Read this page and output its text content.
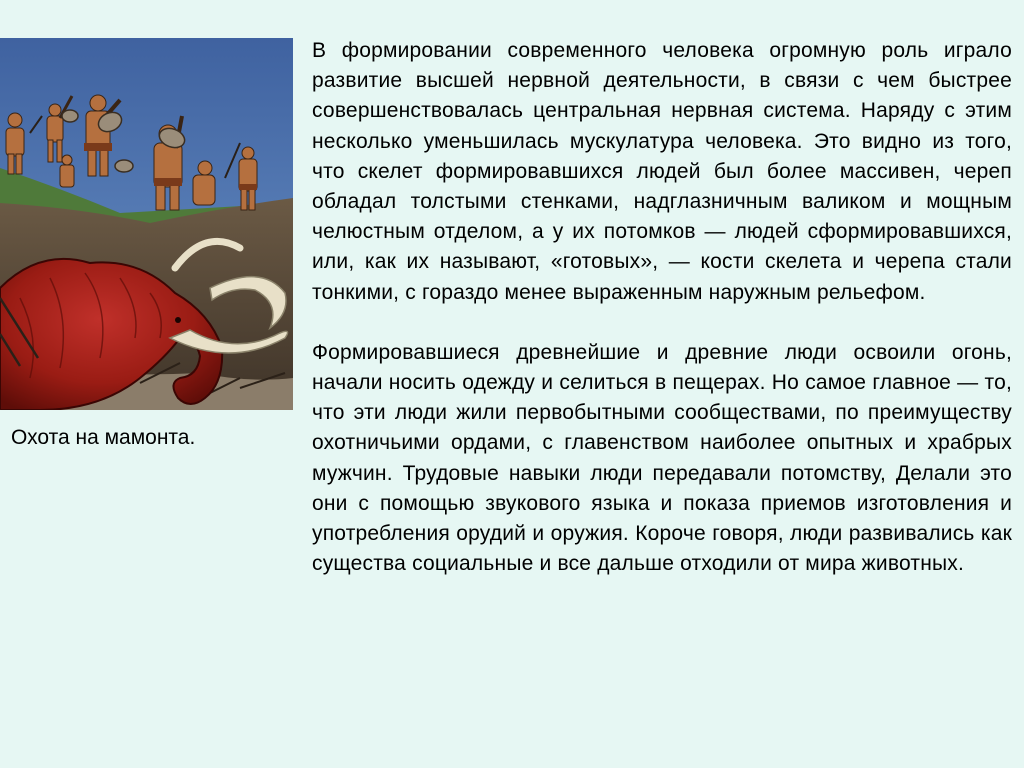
Охота на мамонта.

В формировании современного человека огромную роль играло развитие высшей нервной деятельности, в связи с чем быстрее совершенствовалась центральная нервная система. Наряду с этим несколько уменьшилась мускулатура человека. Это видно из того, что скелет формировавшихся людей был более массивен, череп обладал толстыми стенками, надглазничным валиком и мощным челюстным отделом, а у их потомков — людей сформировавшихся, или, как их называют, «готовых», — кости скелета и черепа стали тонкими, с гораздо менее выраженным наружным рельефом.

Формировавшиеся древнейшие и древние люди освоили огонь, начали носить одежду и селиться в пещерах. Но самое главное — то, что эти люди жили первобытными сообществами, по преимуществу охотничьими ордами, с главенством наиболее опытных и храбрых мужчин. Трудовые навыки люди передавали потомству, Делали это они с помощью звукового языка и показа приемов изготовления и употребления орудий и оружия. Короче говоря, люди развивались как существа социальные и все дальше отходили от мира животных.
